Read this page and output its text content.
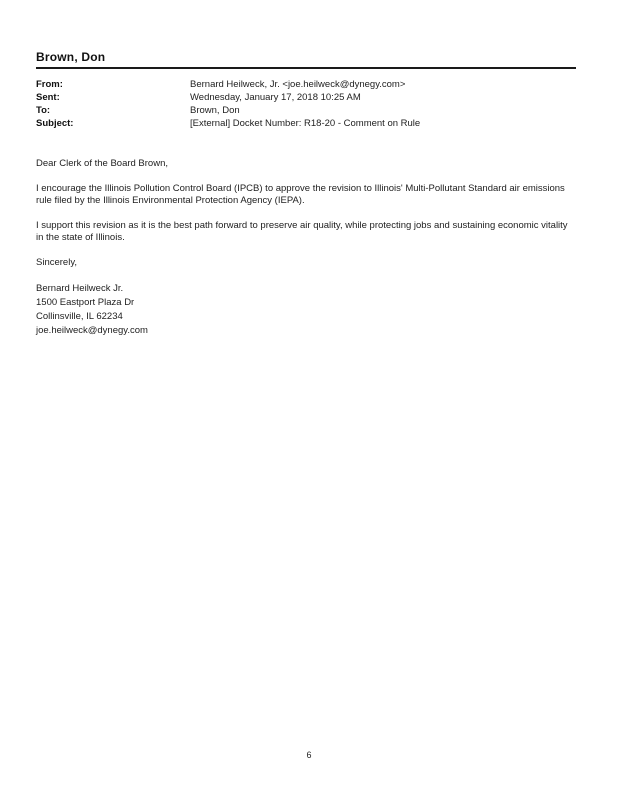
Brown, Don
From:	Bernard Heilweck, Jr. <joe.heilweck@dynegy.com>
Sent:	Wednesday, January 17, 2018 10:25 AM
To:	Brown, Don
Subject:	[External] Docket Number: R18-20 - Comment on Rule

Dear Clerk of the Board Brown,

I encourage the Illinois Pollution Control Board (IPCB) to approve the revision to Illinois' Multi-Pollutant Standard air emissions rule filed by the Illinois Environmental Protection Agency (IEPA).

I support this revision as it is the best path forward to preserve air quality, while protecting jobs and sustaining economic vitality in the state of Illinois.

Sincerely,

Bernard Heilweck Jr.
1500 Eastport Plaza Dr
Collinsville, IL 62234
joe.heilweck@dynegy.com
6
